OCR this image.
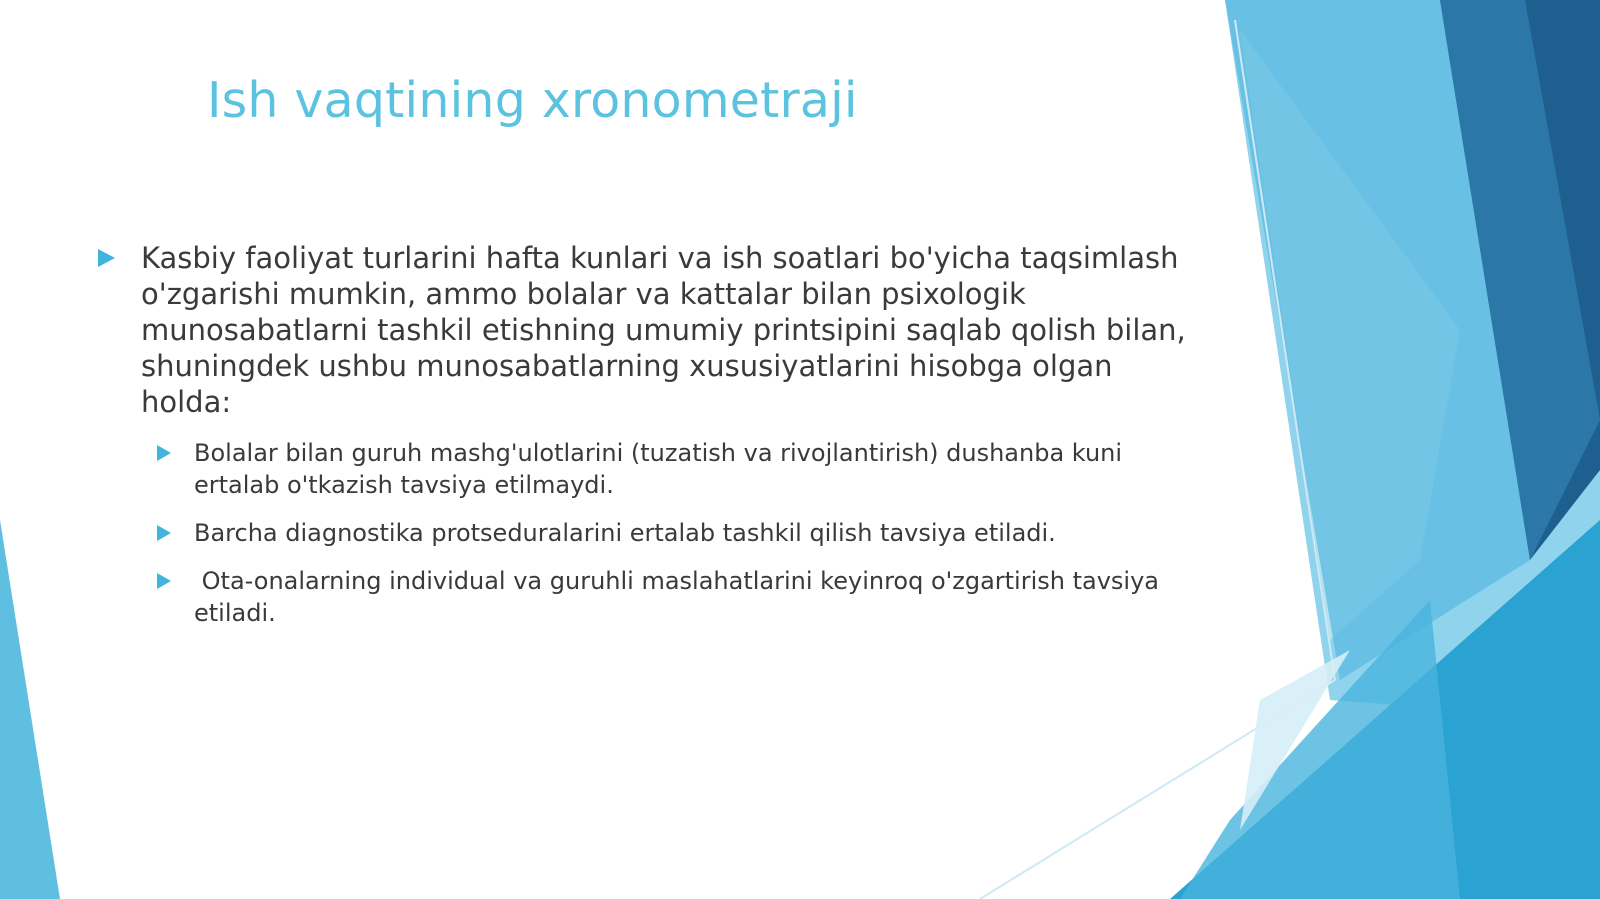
Ish vaqtining xronometraji
Kasbiy faoliyat turlarini hafta kunlari va ish soatlari bo'yicha taqsimlash o'zgarishi mumkin, ammo bolalar va kattalar bilan psixologik munosabatlarni tashkil etishning umumiy printsipini saqlab qolish bilan, shuningdek ushbu munosabatlarning xususiyatlarini hisobga olgan holda:
Bolalar bilan guruh mashg'ulotlarini (tuzatish va rivojlantirish) dushanba kuni ertalab o'tkazish tavsiya etilmaydi.
Barcha diagnostika protseduralarini ertalab tashkil qilish tavsiya etiladi.
Ota-onalarning individual va guruhli maslahatlarini keyinroq o'zgartirish tavsiya etiladi.
